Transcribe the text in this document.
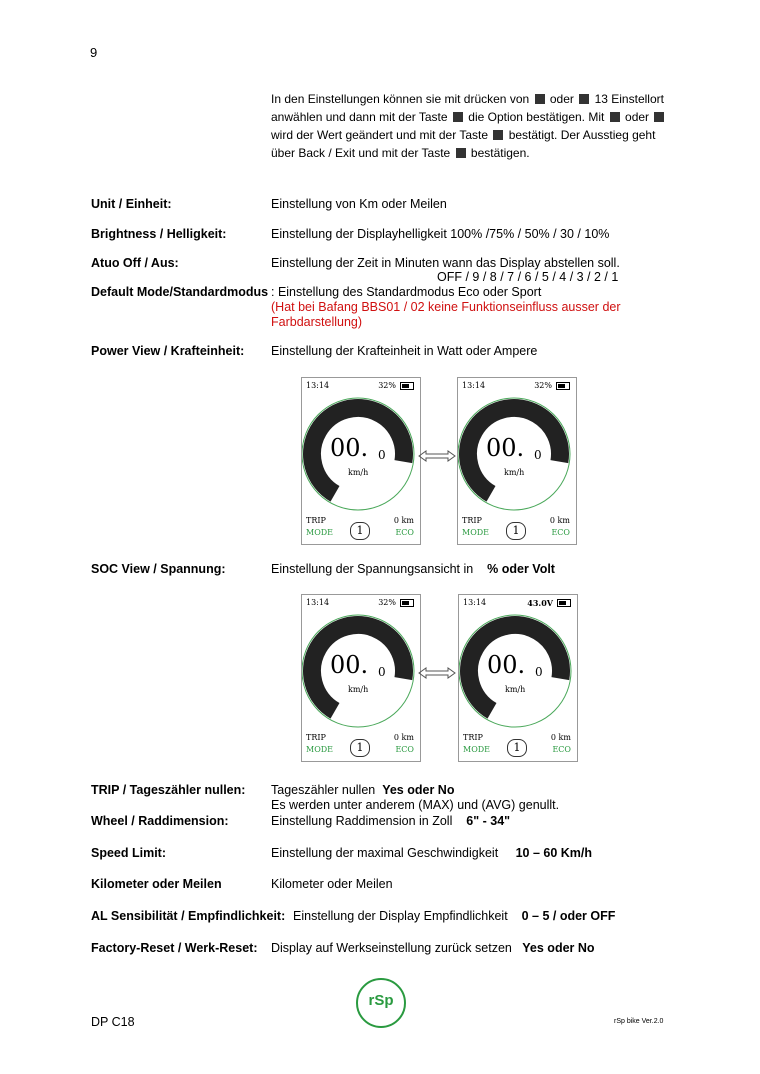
9
In den Einstellungen können sie mit drücken von oder 13 Einstellort anwählen und dann mit der Taste die Option bestätigen. Mit oder  wird der Wert geändert und mit der Taste bestätigt. Der Ausstieg geht über Back / Exit und mit der Taste bestätigen.
Unit / Einheit:	Einstellung von Km oder Meilen
Brightness / Helligkeit:	Einstellung der Displayhelligkeit 100% /75% / 50% / 30 / 10%
Atuo Off / Aus:	Einstellung der Zeit in Minuten wann das Display abstellen soll.
OFF / 9 / 8 / 7 / 6 / 5 / 4 / 3 / 2 / 1
Default Mode/Standardmodus : Einstellung des Standardmodus Eco oder Sport
(Hat bei Bafang BBS01 / 02 keine Funktionseinfluss ausser der
Farbdarstellung)
Power View / Krafteinheit: Einstellung der Krafteinheit in Watt oder Ampere
13:14	32%
00. 0
km/h
TRIP	0 km
MODE	1	ECO
13:14	32%
00. 0
km/h
TRIP	0 km
MODE	1	ECO
SOC View / Spannung:	Einstellung der Spannungsansicht in % oder Volt
13:14	32%
00. 0
km/h
TRIP	0 km
MODE	1	ECO
13:14	43.0V
00. 0
km/h
TRIP	0 km
MODE	1	ECO
TRIP / Tageszähler nullen: Tageszähler nullen Yes oder No
Es werden unter anderem (MAX) und (AVG) genullt.
Wheel / Raddimension:	Einstellung Raddimension in Zoll 6" - 34"
Speed Limit:	Einstellung der maximal Geschwindigkeit 10 – 60 Km/h
Kilometer oder Meilen	Kilometer oder Meilen
AL Sensibilität / Empfindlichkeit: Einstellung der Display Empfindlichkeit 0 – 5 / oder OFF
Factory-Reset / Werk-Reset: Display auf Werkseinstellung zurück setzen Yes oder No
rSp
DP C18	rSp bike Ver.2.0
